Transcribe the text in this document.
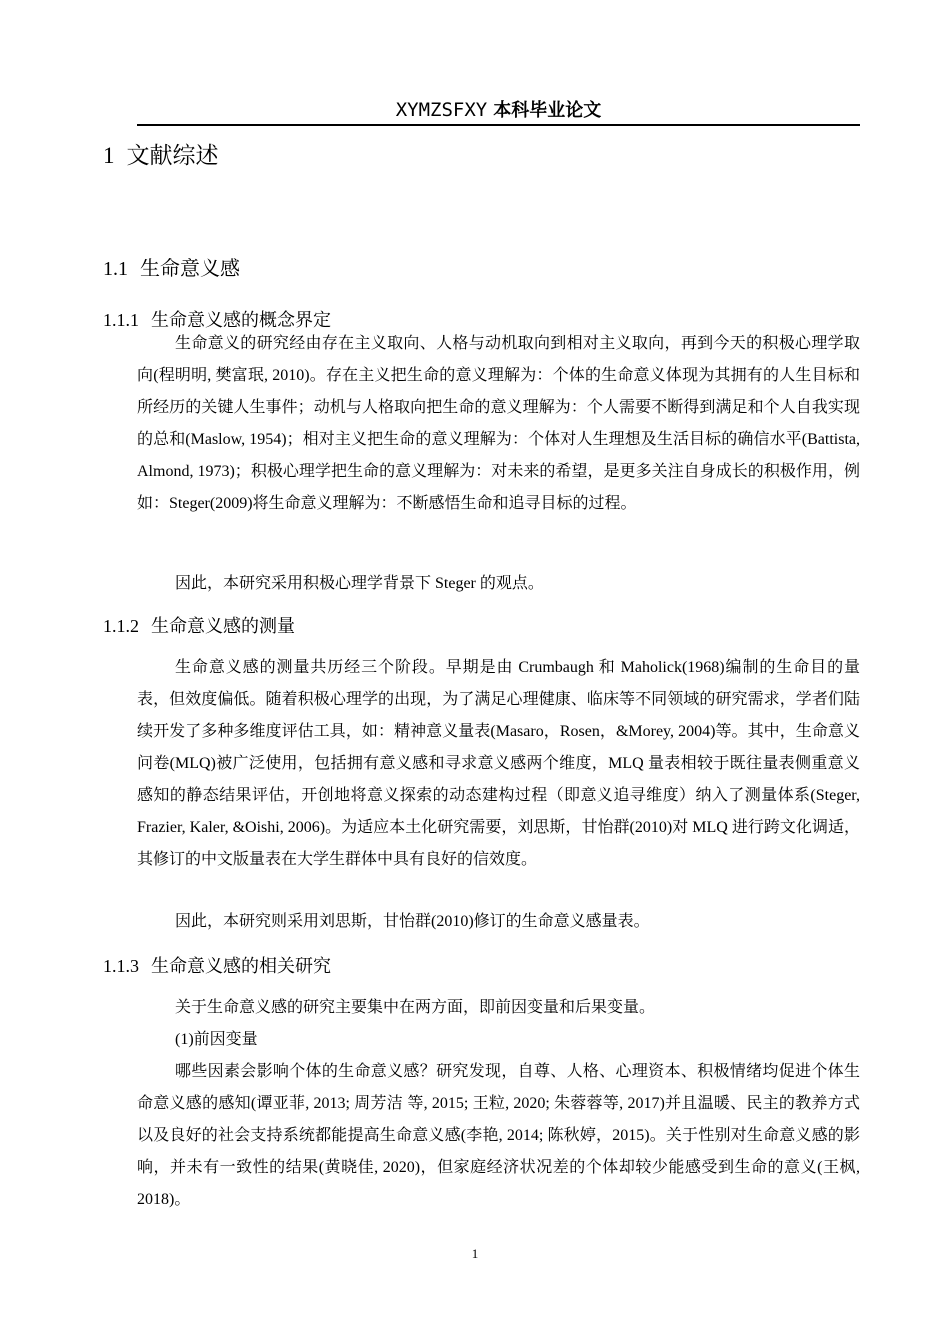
XYMZSFXY 本科毕业论文
1 文献综述
1.1 生命意义感
1.1.1 生命意义感的概念界定

生命意义的研究经由存在主义取向、人格与动机取向到相对主义取向，再到今天的积极心理学取向(程明明, 樊富珉, 2010)。存在主义把生命的意义理解为：个体的生命意义体现为其拥有的人生目标和所经历的关键人生事件；动机与人格取向把生命的意义理解为：个人需要不断得到满足和个人自我实现的总和(Maslow, 1954)；相对主义把生命的意义理解为：个体对人生理想及生活目标的确信水平(Battista, Almond, 1973)；积极心理学把生命的意义理解为：对未来的希望，是更多关注自身成长的积极作用，例如：Steger(2009)将生命意义理解为：不断感悟生命和追寻目标的过程。

因此，本研究采用积极心理学背景下 Steger 的观点。

1.1.2 生命意义感的测量

生命意义感的测量共历经三个阶段。早期是由 Crumbaugh 和 Maholick(1968)编制的生命目的量表，但效度偏低。随着积极心理学的出现，为了满足心理健康、临床等不同领域的研究需求，学者们陆续开发了多种多维度评估工具，如：精神意义量表(Masaro，Rosen，&Morey, 2004)等。其中，生命意义问卷(MLQ)被广泛使用，包括拥有意义感和寻求意义感两个维度，MLQ 量表相较于既往量表侧重意义感知的静态结果评估，开创地将意义探索的动态建构过程（即意义追寻维度）纳入了测量体系(Steger, Frazier, Kaler, &Oishi, 2006)。为适应本土化研究需要，刘思斯，甘怡群(2010)对 MLQ 进行跨文化调适，其修订的中文版量表在大学生群体中具有良好的信效度。

因此，本研究则采用刘思斯，甘怡群(2010)修订的生命意义感量表。

1.1.3 生命意义感的相关研究

关于生命意义感的研究主要集中在两方面，即前因变量和后果变量。

(1)前因变量

哪些因素会影响个体的生命意义感？研究发现，自尊、人格、心理资本、积极情绪均促进个体生命意义感的感知(谭亚菲, 2013; 周芳洁 等, 2015; 王粒, 2020; 朱蓉蓉等, 2017)并且温暖、民主的教养方式以及良好的社会支持系统都能提高生命意义感(李艳, 2014; 陈秋婷，2015)。关于性别对生命意义感的影响，并未有一致性的结果(黄晓佳, 2020)，但家庭经济状况差的个体却较少能感受到生命的意义(王枫, 2018)。

1
